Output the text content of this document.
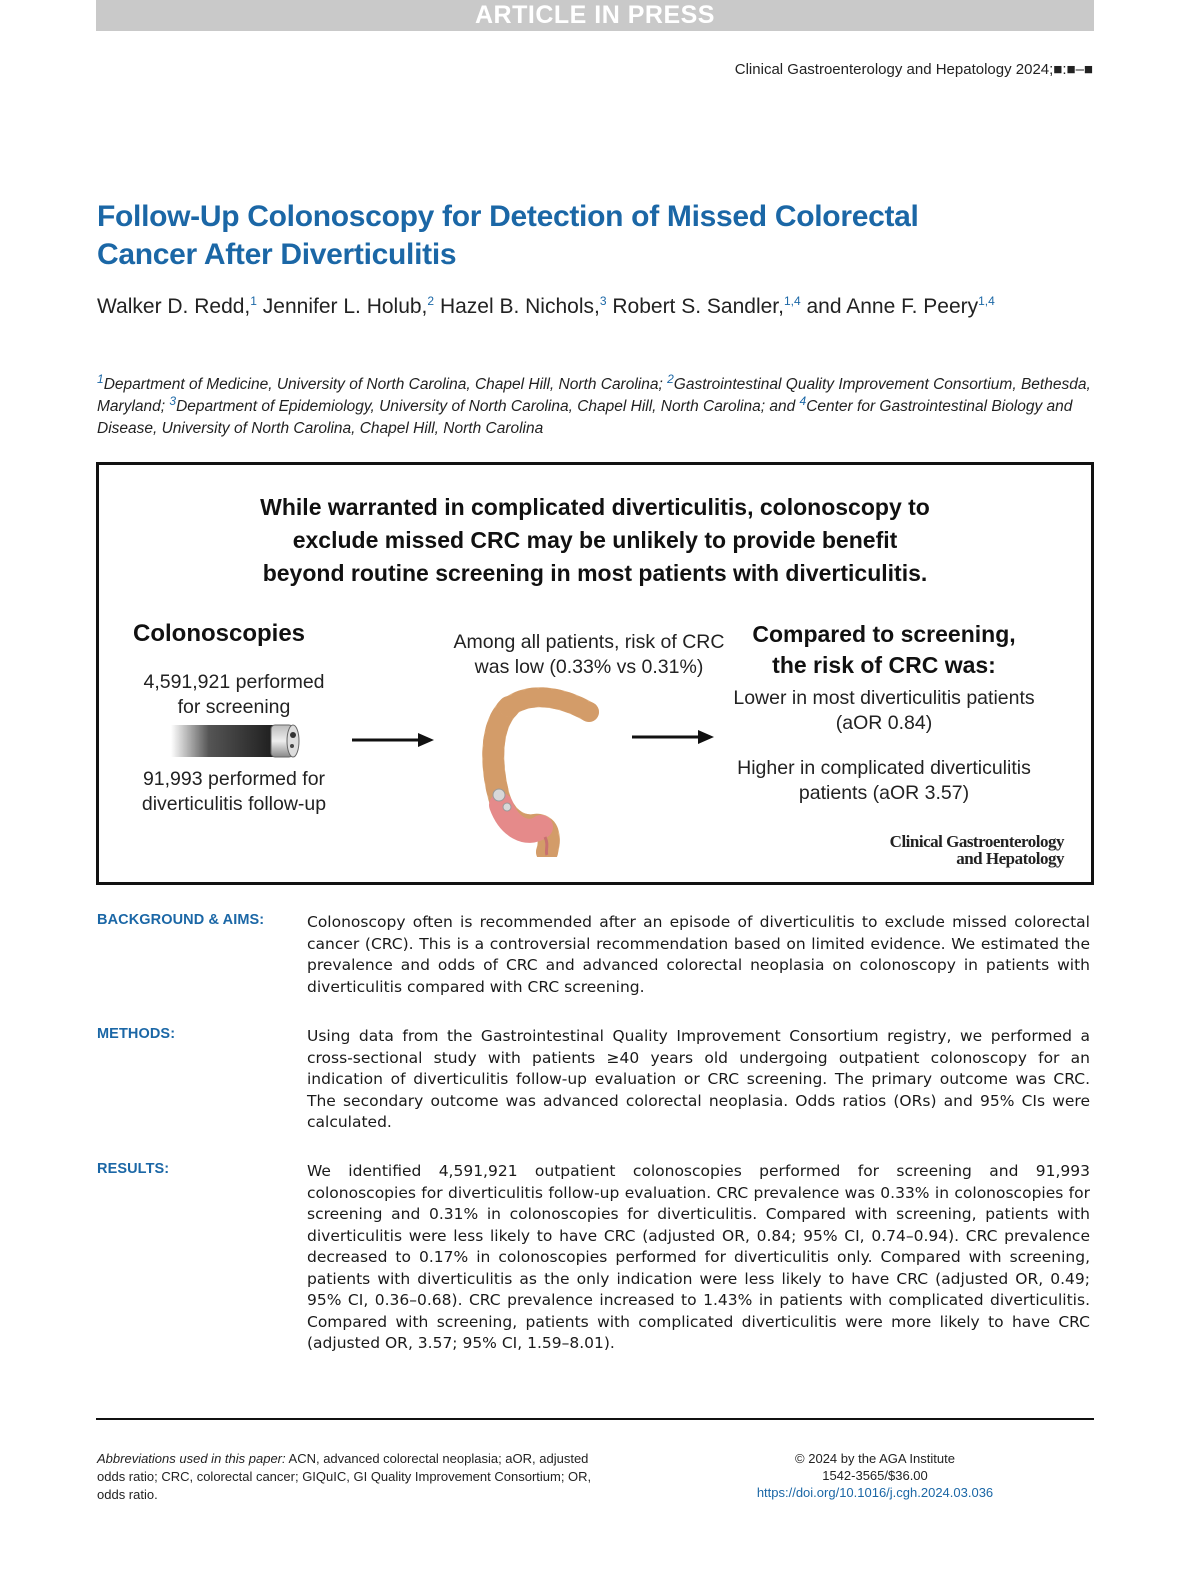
ARTICLE IN PRESS
Clinical Gastroenterology and Hepatology 2024;■:■–■
Follow-Up Colonoscopy for Detection of Missed Colorectal
Cancer After Diverticulitis
Walker D. Redd,$^1$ Jennifer L. Holub,$^2$ Hazel B. Nichols,$^3$ Robert S. Sandler,$^{1,4}$ and Anne F. Peery$^{1,4}$
$^1$Department of Medicine, University of North Carolina, Chapel Hill, North Carolina; $^2$Gastrointestinal Quality Improvement Consortium, Bethesda, Maryland; $^3$Department of Epidemiology, University of North Carolina, Chapel Hill, North Carolina; and $^4$Center for Gastrointestinal Biology and Disease, University of North Carolina, Chapel Hill, North Carolina
While warranted in complicated diverticulitis, colonoscopy to
exclude missed CRC may be unlikely to provide benefit
beyond routine screening in most patients with diverticulitis.
Colonoscopies
4,591,921 performed
for screening
91,993 performed for
diverticulitis follow-up
Among all patients, risk of CRC
was low (0.33% vs 0.31%)
Compared to screening,
the risk of CRC was:
Lower in most diverticulitis patients
(aOR 0.84)
Higher in complicated diverticulitis
patients (aOR 3.57)
Clinical Gastroenterology
and Hepatology
BACKGROUND & AIMS:	Colonoscopy often is recommended after an episode of diverticulitis to exclude missed colorectal cancer (CRC). This is a controversial recommendation based on limited evidence. We estimated the prevalence and odds of CRC and advanced colorectal neoplasia on colonoscopy in patients with diverticulitis compared with CRC screening.
METHODS:	Using data from the Gastrointestinal Quality Improvement Consortium registry, we performed a cross-sectional study with patients ≥40 years old undergoing outpatient colonoscopy for an indication of diverticulitis follow-up evaluation or CRC screening. The primary outcome was CRC. The secondary outcome was advanced colorectal neoplasia. Odds ratios (ORs) and 95% CIs were calculated.
RESULTS:	We identified 4,591,921 outpatient colonoscopies performed for screening and 91,993 colonoscopies for diverticulitis follow-up evaluation. CRC prevalence was 0.33% in colonoscopies for screening and 0.31% in colonoscopies for diverticulitis. Compared with screening, patients with diverticulitis were less likely to have CRC (adjusted OR, 0.84; 95% CI, 0.74–0.94). CRC prevalence decreased to 0.17% in colonoscopies performed for diverticulitis only. Compared with screening, patients with diverticulitis as the only indication were less likely to have CRC (adjusted OR, 0.49; 95% CI, 0.36–0.68). CRC prevalence increased to 1.43% in patients with complicated diverticulitis. Compared with screening, patients with complicated diverticulitis were more likely to have CRC (adjusted OR, 3.57; 95% CI, 1.59–8.01).
Abbreviations used in this paper: ACN, advanced colorectal neoplasia; aOR, adjusted odds ratio; CRC, colorectal cancer; GIQuIC, GI Quality Improvement Consortium; OR, odds ratio.
© 2024 by the AGA Institute
1542-3565/$36.00
https://doi.org/10.1016/j.cgh.2024.03.036
